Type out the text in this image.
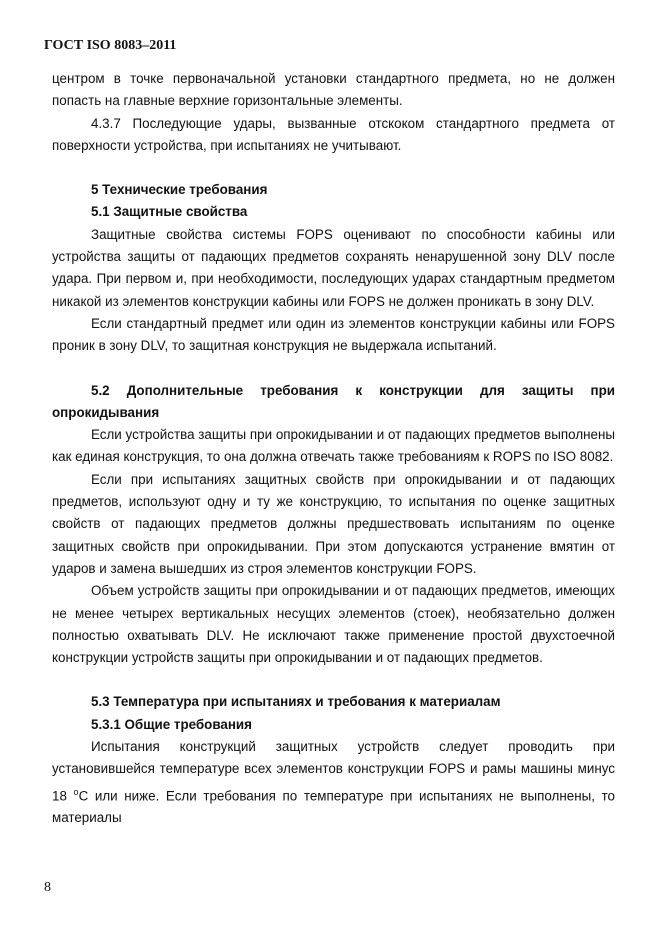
ГОСТ ISO 8083–2011

центром в точке первоначальной установки стандартного предмета, но не должен попасть на главные верхние горизонтальные элементы.

4.3.7 Последующие удары, вызванные отскоком стандартного предмета от поверхности устройства, при испытаниях не учитывают.

5 Технические требования
5.1 Защитные свойства

Защитные свойства системы FOPS оценивают по способности кабины или устройства защиты от падающих предметов сохранять ненарушенной зону DLV после удара. При первом и, при необходимости, последующих ударах стандартным предметом никакой из элементов конструкции кабины или FOPS не должен проникать в зону DLV.

Если стандартный предмет или один из элементов конструкции кабины или FOPS проник в зону DLV, то защитная конструкция не выдержала испытаний.

5.2 Дополнительные требования к конструкции для защиты при опрокидывания

Если устройства защиты при опрокидывании и от падающих предметов выполнены как единая конструкция, то она должна отвечать также требованиям к ROPS по ISO 8082.

Если при испытаниях защитных свойств при опрокидывании и от падающих предметов, используют одну и ту же конструкцию, то испытания по оценке защитных свойств от падающих предметов должны предшествовать испытаниям по оценке защитных свойств при опрокидывании. При этом допускаются устранение вмятин от ударов и замена вышедших из строя элементов конструкции FOPS.

Объем устройств защиты при опрокидывании и от падающих предметов, имеющих не менее четырех вертикальных несущих элементов (стоек), необязательно должен полностью охватывать DLV. Не исключают также применение простой двухстоечной конструкции устройств защиты при опрокидывании и от падающих предметов.

5.3 Температура при испытаниях и требования к материалам
5.3.1 Общие требования

Испытания конструкций защитных устройств следует проводить при установившейся температуре всех элементов конструкции FOPS и рамы машины минус 18 $^o$C или ниже. Если требования по температуре при испытаниях не выполнены, то материалы

8
